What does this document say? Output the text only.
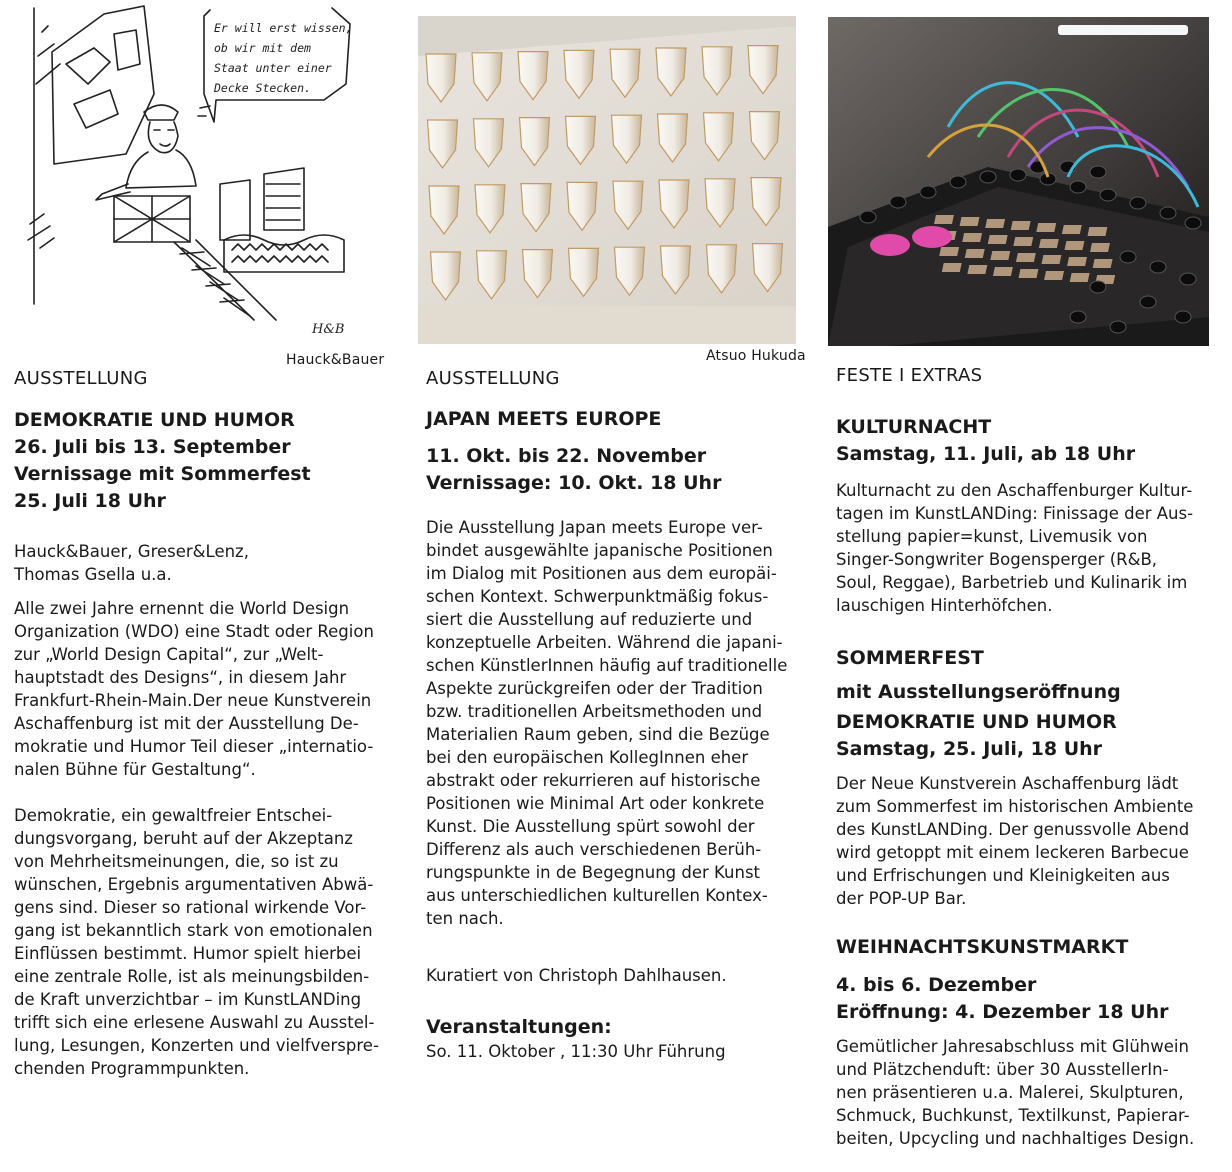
Er will erst wissen,
ob wir mit dem
Staat unter einer
Decke Stecken.
H&B
Hauck&Bauer
AUSSTELLUNG
DEMOKRATIE UND HUMOR
26. Juli bis 13. September
Vernissage mit Sommerfest
25. Juli 18 Uhr
Hauck&Bauer, Greser&Lenz,
Thomas Gsella u.a.
Alle zwei Jahre ernennt die World Design
Organization (WDO) eine Stadt oder Region
zur „World Design Capital“, zur „Welt-
hauptstadt des Designs“, in diesem Jahr
Frankfurt-Rhein-Main.Der neue Kunstverein
Aschaffenburg ist mit der Ausstellung De-
mokratie und Humor Teil dieser „internatio-
nalen Bühne für Gestaltung“.
Demokratie, ein gewaltfreier Entschei-
dungsvorgang, beruht auf der Akzeptanz
von Mehrheitsmeinungen, die, so ist zu
wünschen, Ergebnis argumentativen Abwä-
gens sind. Dieser so rational wirkende Vor-
gang ist bekanntlich stark von emotionalen
Einflüssen bestimmt. Humor spielt hierbei
eine zentrale Rolle, ist als meinungsbilden-
de Kraft unverzichtbar – im KunstLANDing
trifft sich eine erlesene Auswahl zu Ausstel-
lung, Lesungen, Konzerten und vielfverspre-
chenden Programmpunkten.
Atsuo Hukuda
AUSSTELLUNG
JAPAN MEETS EUROPE
11. Okt. bis 22. November
Vernissage: 10. Okt. 18 Uhr
Die Ausstellung Japan meets Europe ver-
bindet ausgewählte japanische Positionen
im Dialog mit Positionen aus dem europäi-
schen Kontext. Schwerpunktmäßig fokus-
siert die Ausstellung auf reduzierte und
konzeptuelle Arbeiten. Während die japani-
schen KünstlerInnen häufig auf traditionelle
Aspekte zurückgreifen oder der Tradition
bzw. traditionellen Arbeitsmethoden und
Materialien Raum geben, sind die Bezüge
bei den europäischen KollegInnen eher
abstrakt oder rekurrieren auf historische
Positionen wie Minimal Art oder konkrete
Kunst. Die Ausstellung spürt sowohl der
Differenz als auch verschiedenen Berüh-
rungspunkte in de Begegnung der Kunst
aus unterschiedlichen kulturellen Kontex-
ten nach.
Kuratiert von Christoph Dahlhausen.
Veranstaltungen:
So. 11. Oktober , 11:30 Uhr Führung
FESTE I EXTRAS
KULTURNACHT
Samstag, 11. Juli, ab 18 Uhr
Kulturnacht zu den Aschaffenburger Kultur-
tagen im KunstLANDing: Finissage der Aus-
stellung papier=kunst, Livemusik von
Singer-Songwriter Bogensperger (R&B,
Soul, Reggae), Barbetrieb und Kulinarik im
lauschigen Hinterhöfchen.
SOMMERFEST
mit Ausstellungseröffnung
DEMOKRATIE UND HUMOR
Samstag, 25. Juli, 18 Uhr
Der Neue Kunstverein Aschaffenburg lädt
zum Sommerfest im historischen Ambiente
des KunstLANDing. Der genussvolle Abend
wird getoppt mit einem leckeren Barbecue
und Erfrischungen und Kleinigkeiten aus
der POP-UP Bar.
WEIHNACHTSKUNSTMARKT
4. bis 6. Dezember
Eröffnung: 4. Dezember 18 Uhr
Gemütlicher Jahresabschluss mit Glühwein
und Plätzchenduft: über 30 AusstellerIn-
nen präsentieren u.a. Malerei, Skulpturen,
Schmuck, Buchkunst, Textilkunst, Papierar-
beiten, Upcycling und nachhaltiges Design.
